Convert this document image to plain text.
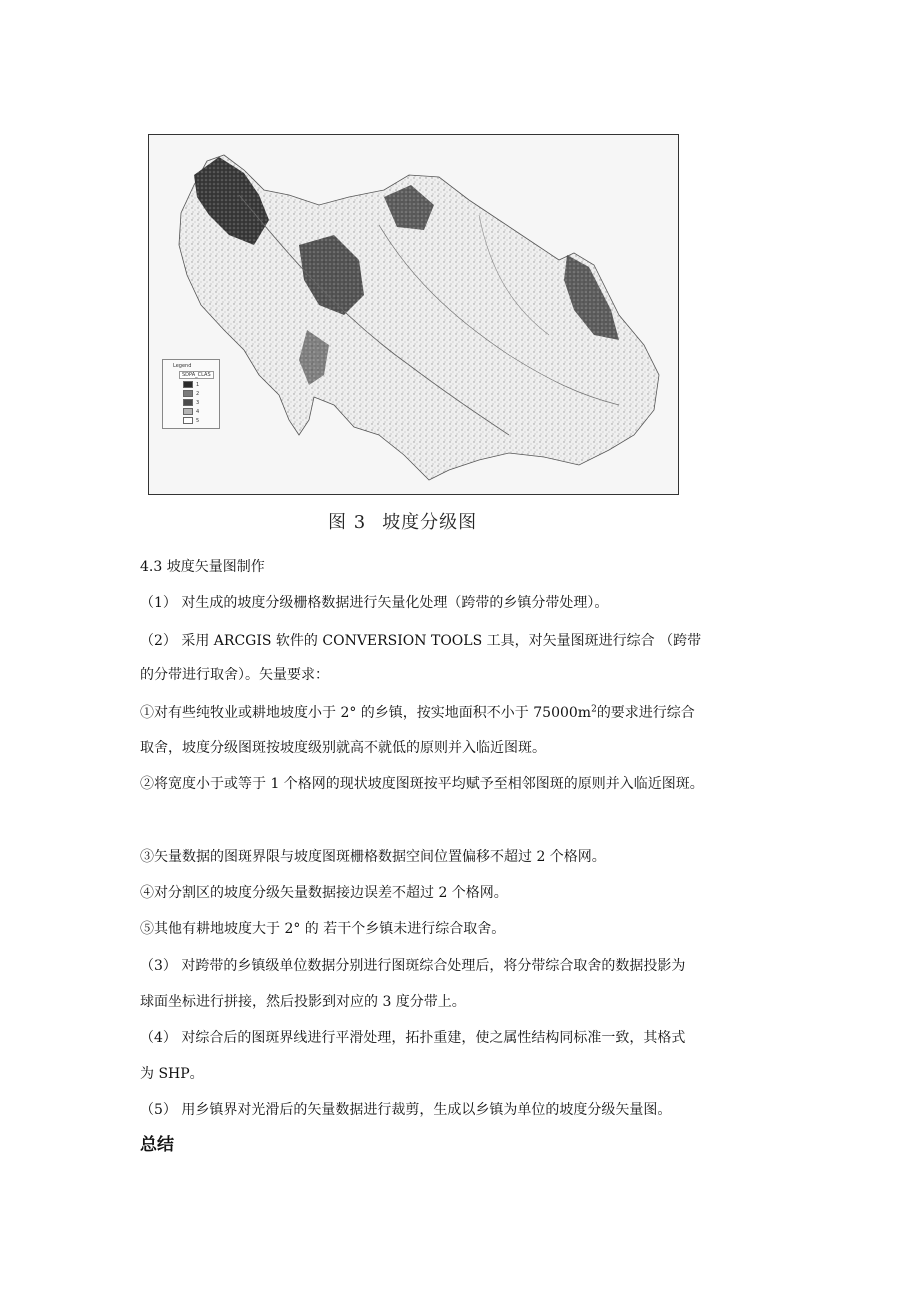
Legend
SDPA_CLAS
1
2
3
4
5
图 3 坡度分级图
4.3 坡度矢量图制作
（1） 对生成的坡度分级栅格数据进行矢量化处理（跨带的乡镇分带处理）。
（2） 采用 ARCGIS 软件的 CONVERSION TOOLS 工具，对矢量图斑进行综合 （跨带
的分带进行取舍）。矢量要求：
①对有些纯牧业或耕地坡度小于 2° 的乡镇，按实地面积不小于 $75000m^2$的要求进行综合
取舍，坡度分级图斑按坡度级别就高不就低的原则并入临近图斑。
②将宽度小于或等于 1 个格网的现状坡度图斑按平均赋予至相邻图斑的原则并入临近图斑。
③矢量数据的图斑界限与坡度图斑栅格数据空间位置偏移不超过 2 个格网。
④对分割区的坡度分级矢量数据接边误差不超过 2 个格网。
⑤其他有耕地坡度大于 2° 的 若干个乡镇未进行综合取舍。
（3） 对跨带的乡镇级单位数据分别进行图斑综合处理后，将分带综合取舍的数据投影为
球面坐标进行拼接，然后投影到对应的 3 度分带上。
（4） 对综合后的图斑界线进行平滑处理，拓扑重建，使之属性结构同标准一致，其格式
为 SHP。
（5） 用乡镇界对光滑后的矢量数据进行裁剪，生成以乡镇为单位的坡度分级矢量图。
总结
